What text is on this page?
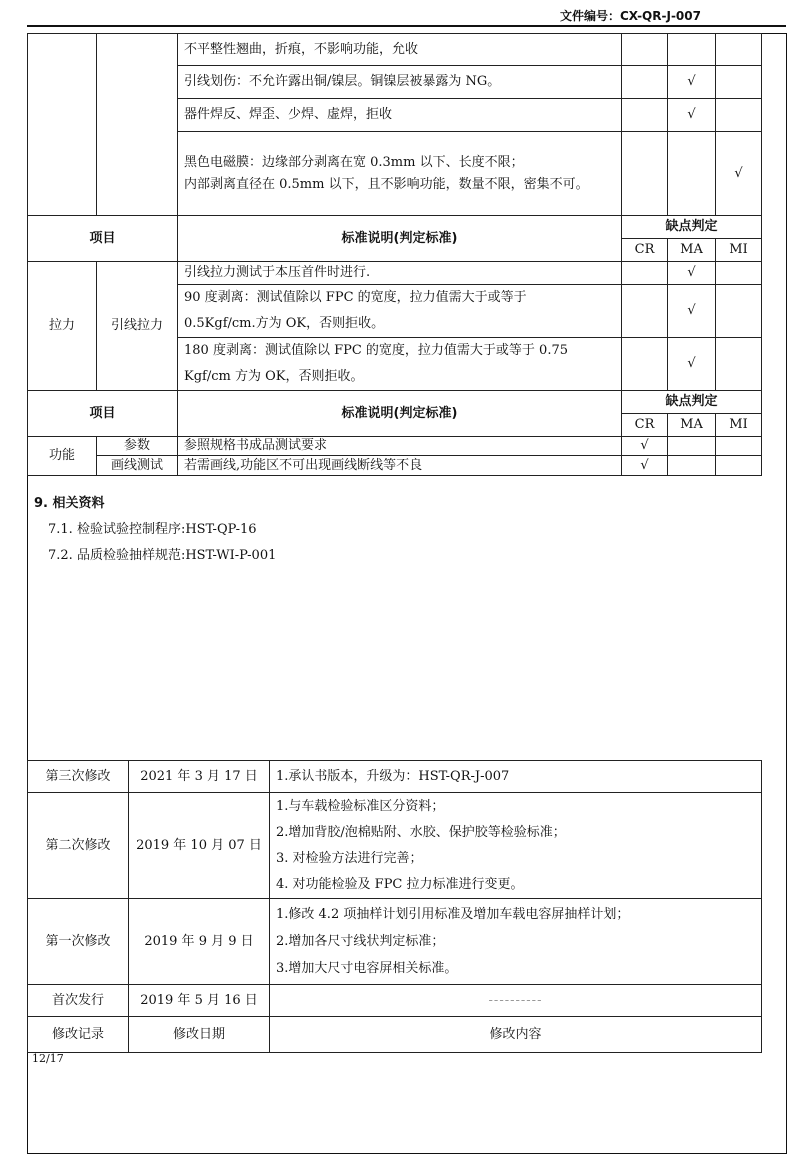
文件编号：CX-QR-J-007
		不平整性翘曲，折痕，不影响功能，允收			
		引线划伤：不允许露出铜/镍层。铜镍层被暴露为 NG。		√	
		器件焊反、焊歪、少焊、虚焊，拒收		√	

		黑色电磁膜：边缘部分剥离在宽 0.3mm 以下、长度不限；
内部剥离直径在 0.5mm 以下，且不影响功能，数量不限，密集不可。			√
项目		标准说明(判定标准)	缺点判定		
			CR	MA	MI
拉力	引线拉力	引线拉力测试于本压首件时进行.		√	

		90 度剥离：测试值除以 FPC 的宽度，拉力值需大于或等于
0.5Kgf/cm.方为 OK，否则拒收。		√	

		180 度剥离：测试值除以 FPC 的宽度，拉力值需大于或等于 0.75
Kgf/cm 方为 OK，否则拒收。		√	
项目		标准说明(判定标准)	缺点判定		
			CR	MA	MI
功能	参数	参照规格书成品测试要求	√		
	画线测试	若需画线,功能区不可出现画线断线等不良	√		
9. 相关资料
7.1. 检验试验控制程序:HST-QP-16
7.2. 品质检验抽样规范:HST-WI-P-001
第三次修改	2021 年 3 月 17 日	1.承认书版本，升级为：HST-QR-J-007

第二次修改	2019 年 10 月 07 日	1.与车载检验标准区分资料；
2.增加背胶/泡棉贴附、水胶、保护胶等检验标准；
3. 对检验方法进行完善；
4. 对功能检验及 FPC 拉力标准进行变更。

第一次修改	2019 年 9 月 9 日	1.修改 4.2 项抽样计划引用标准及增加车载电容屏抽样计划；
2.增加各尺寸线状判定标准；
3.增加大尺寸电容屏相关标准。

首次发行	2019 年 5 月 16 日	----------
修改记录	修改日期	修改内容
12/17
